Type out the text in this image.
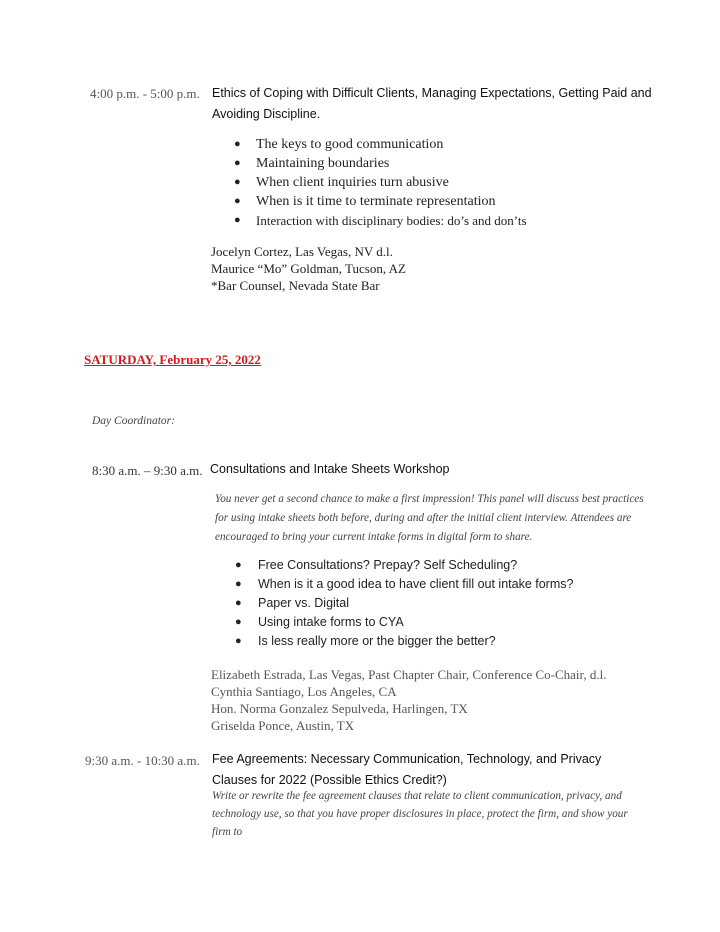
4:00 p.m. - 5:00 p.m. Ethics of Coping with Difficult Clients, Managing Expectations, Getting Paid and Avoiding Discipline.
● The keys to good communication
● Maintaining boundaries
● When client inquiries turn abusive
● When is it time to terminate representation
● Interaction with disciplinary bodies: do’s and don’ts
Jocelyn Cortez, Las Vegas, NV d.l.
Maurice “Mo” Goldman, Tucson, AZ
*Bar Counsel, Nevada State Bar
SATURDAY, February 25, 2022
Day Coordinator:
8:30 a.m. – 9:30 a.m. Consultations and Intake Sheets Workshop
You never get a second chance to make a first impression! This panel will discuss best practices for using intake sheets both before, during and after the initial client interview. Attendees are encouraged to bring your current intake forms in digital form to share.
● Free Consultations? Prepay? Self Scheduling?
● When is it a good idea to have client fill out intake forms?
● Paper vs. Digital
● Using intake forms to CYA
● Is less really more or the bigger the better?
Elizabeth Estrada, Las Vegas, Past Chapter Chair, Conference Co-Chair, d.l.
Cynthia Santiago, Los Angeles, CA
Hon. Norma Gonzalez Sepulveda, Harlingen, TX
Griselda Ponce, Austin, TX
9:30 a.m. - 10:30 a.m. Fee Agreements: Necessary Communication, Technology, and Privacy Clauses for 2022 (Possible Ethics Credit?)
Write or rewrite the fee agreement clauses that relate to client communication, privacy, and technology use, so that you have proper disclosures in place, protect the firm, and show your firm to
